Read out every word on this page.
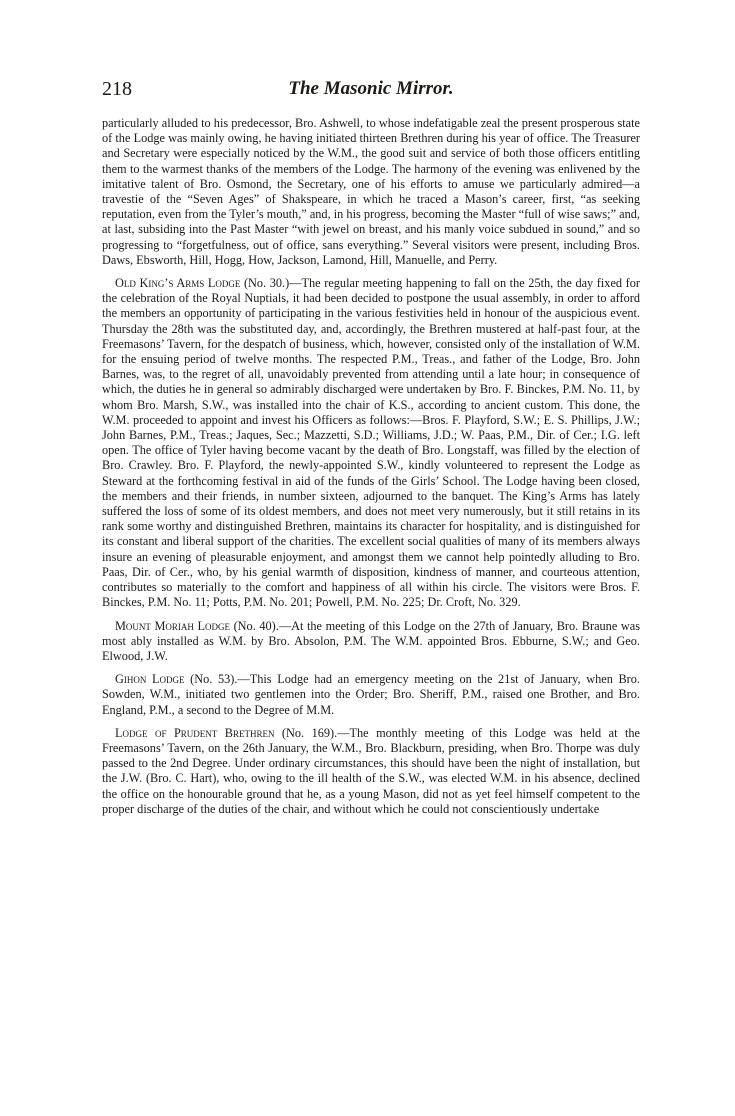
218	The Masonic Mirror.

particularly alluded to his predecessor, Bro. Ashwell, to whose indefatigable zeal the present prosperous state of the Lodge was mainly owing, he having initiated thirteen Brethren during his year of office. The Treasurer and Secretary were especially noticed by the W.M., the good suit and service of both those officers entitling them to the warmest thanks of the members of the Lodge. The harmony of the evening was enlivened by the imitative talent of Bro. Osmond, the Secretary, one of his efforts to amuse we particularly admired—a travestie of the “Seven Ages” of Shakspeare, in which he traced a Mason’s career, first, “as seeking reputation, even from the Tyler’s mouth,” and, in his progress, becoming the Master “full of wise saws;” and, at last, subsiding into the Past Master “with jewel on breast, and his manly voice subdued in sound,” and so progressing to “forgetfulness, out of office, sans everything.” Several visitors were present, including Bros. Daws, Ebsworth, Hill, Hogg, How, Jackson, Lamond, Hill, Manuelle, and Perry.

Old King’s Arms Lodge (No. 30.)—The regular meeting happening to fall on the 25th, the day fixed for the celebration of the Royal Nuptials, it had been decided to postpone the usual assembly, in order to afford the members an opportunity of participating in the various festivities held in honour of the auspicious event. Thursday the 28th was the substituted day, and, accordingly, the Brethren mustered at half-past four, at the Freemasons’ Tavern, for the despatch of business, which, however, consisted only of the installation of W.M. for the ensuing period of twelve months. The respected P.M., Treas., and father of the Lodge, Bro. John Barnes, was, to the regret of all, unavoidably prevented from attending until a late hour; in consequence of which, the duties he in general so admirably discharged were undertaken by Bro. F. Binckes, P.M. No. 11, by whom Bro. Marsh, S.W., was installed into the chair of K.S., according to ancient custom. This done, the W.M. proceeded to appoint and invest his Officers as follows:—Bros. F. Playford, S.W.; E. S. Phillips, J.W.; John Barnes, P.M., Treas.; Jaques, Sec.; Mazzetti, S.D.; Williams, J.D.; W. Paas, P.M., Dir. of Cer.; I.G. left open. The office of Tyler having become vacant by the death of Bro. Longstaff, was filled by the election of Bro. Crawley. Bro. F. Playford, the newly-appointed S.W., kindly volunteered to represent the Lodge as Steward at the forthcoming festival in aid of the funds of the Girls’ School. The Lodge having been closed, the members and their friends, in number sixteen, adjourned to the banquet. The King’s Arms has lately suffered the loss of some of its oldest members, and does not meet very numerously, but it still retains in its rank some worthy and distinguished Brethren, maintains its character for hospitality, and is distinguished for its constant and liberal support of the charities. The excellent social qualities of many of its members always insure an evening of pleasurable enjoyment, and amongst them we cannot help pointedly alluding to Bro. Paas, Dir. of Cer., who, by his genial warmth of disposition, kindness of manner, and courteous attention, contributes so materially to the comfort and happiness of all within his circle. The visitors were Bros. F. Binckes, P.M. No. 11; Potts, P.M. No. 201; Powell, P.M. No. 225; Dr. Croft, No. 329.

Mount Moriah Lodge (No. 40).—At the meeting of this Lodge on the 27th of January, Bro. Braune was most ably installed as W.M. by Bro. Absolon, P.M. The W.M. appointed Bros. Ebburne, S.W.; and Geo. Elwood, J.W.

Gihon Lodge (No. 53).—This Lodge had an emergency meeting on the 21st of January, when Bro. Sowden, W.M., initiated two gentlemen into the Order; Bro. Sheriff, P.M., raised one Brother, and Bro. England, P.M., a second to the Degree of M.M.

Lodge of Prudent Brethren (No. 169).—The monthly meeting of this Lodge was held at the Freemasons’ Tavern, on the 26th January, the W.M., Bro. Blackburn, presiding, when Bro. Thorpe was duly passed to the 2nd Degree. Under ordinary circumstances, this should have been the night of installation, but the J.W. (Bro. C. Hart), who, owing to the ill health of the S.W., was elected W.M. in his absence, declined the office on the honourable ground that he, as a young Mason, did not as yet feel himself competent to the proper discharge of the duties of the chair, and without which he could not conscientiously undertake
